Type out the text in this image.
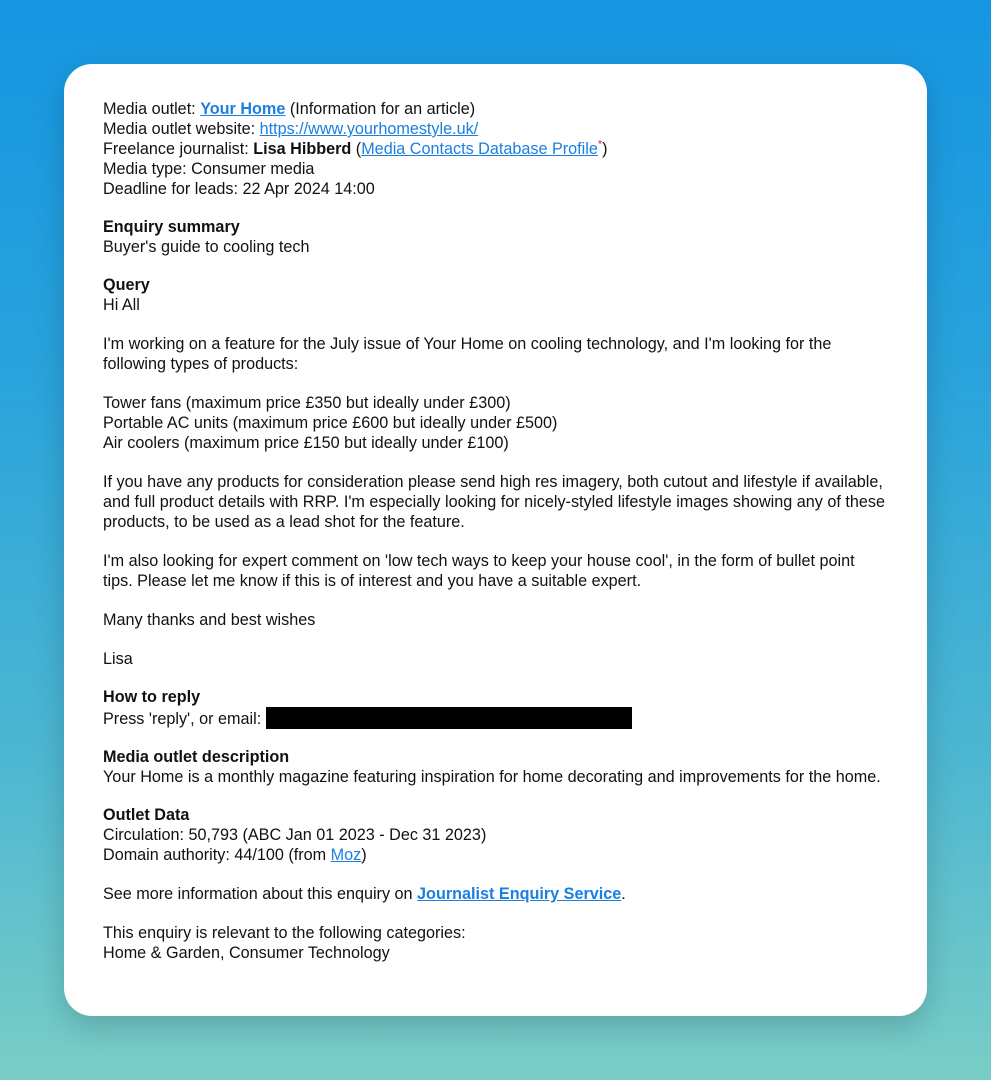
Media outlet: Your Home (Information for an article)

Media outlet website: https://www.yourhomestyle.uk/

Freelance journalist: Lisa Hibberd (Media Contacts Database Profile*)

Media type: Consumer media

Deadline for leads: 22 Apr 2024 14:00

Enquiry summary

Buyer's guide to cooling tech

Query

Hi All

I'm working on a feature for the July issue of Your Home on cooling technology, and I'm looking for the following types of products:

Tower fans (maximum price £350 but ideally under £300)

Portable AC units (maximum price £600 but ideally under £500)

Air coolers (maximum price £150 but ideally under £100)

If you have any products for consideration please send high res imagery, both cutout and lifestyle if available, and full product details with RRP. I'm especially looking for nicely-styled lifestyle images showing any of these products, to be used as a lead shot for the feature.

I'm also looking for expert comment on 'low tech ways to keep your house cool', in the form of bullet point tips. Please let me know if this is of interest and you have a suitable expert.

Many thanks and best wishes

Lisa

How to reply

Press 'reply', or email:

Media outlet description

Your Home is a monthly magazine featuring inspiration for home decorating and improvements for the home.

Outlet Data

Circulation: 50,793 (ABC Jan 01 2023 - Dec 31 2023)

Domain authority: 44/100 (from Moz)

See more information about this enquiry on Journalist Enquiry Service.

This enquiry is relevant to the following categories:

Home & Garden, Consumer Technology
